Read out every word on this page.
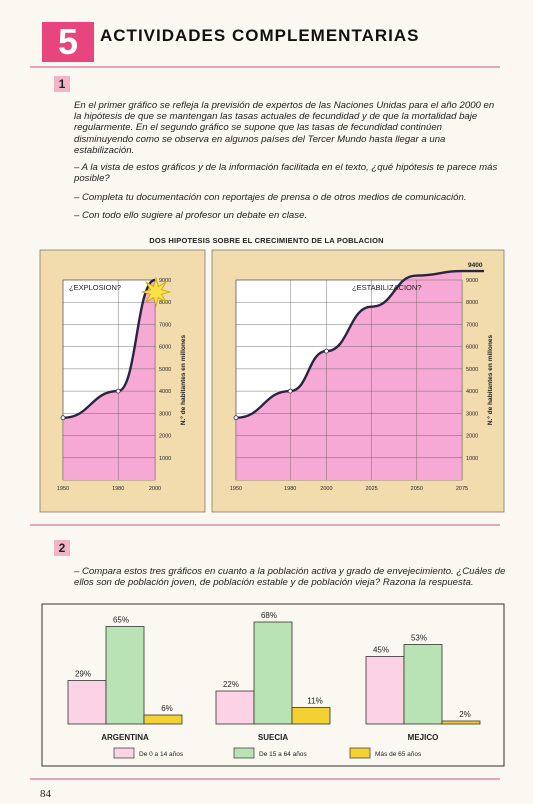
5	ACTIVIDADES COMPLEMENTARIAS
1
En el primer gráfico se refleja la previsión de expertos de las Naciones Unidas para el año 2000 en la hipótesis de que se mantengan las tasas actuales de fecundidad y de que la mortalidad baje regularmente. En el segundo gráfico se supone que las tasas de fecundidad continúen disminuyendo como se observa en algunos países del Tercer Mundo hasta llegar a una estabilización.
– A la vista de estos gráficos y de la información facilitada en el texto, ¿qué hipótesis te parece más posible?
– Completa tu documentación con reportajes de prensa o de otros medios de comunicación.
– Con todo ello sugiere al profesor un debate en clase.
DOS HIPOTESIS SOBRE EL CRECIMIENTO DE LA POBLACION
1000
2000
3000
4000
5000
6000
7000
8000
9000
1950	1980	2000
N.º de habitantes en millones
¿EXPLOSION?
1000
2000
3000
4000
5000
6000
7000
8000
9000
1950	1980	2000	2025	2050	2075
N.º de habitantes en millones
¿ESTABILIZACION?
9400
2
– Compara estos tres gráficos en cuanto a la población activa y grado de envejecimiento. ¿Cuáles de ellos son de población joven, de población estable y de población vieja? Razona la respuesta.
29%
65%
6%
ARGENTINA
22%
68%
11%
SUECIA
45%
53%
2%
MEJICO
De 0 a 14 años	De 15 a 64 años	Más de 65 años
84
